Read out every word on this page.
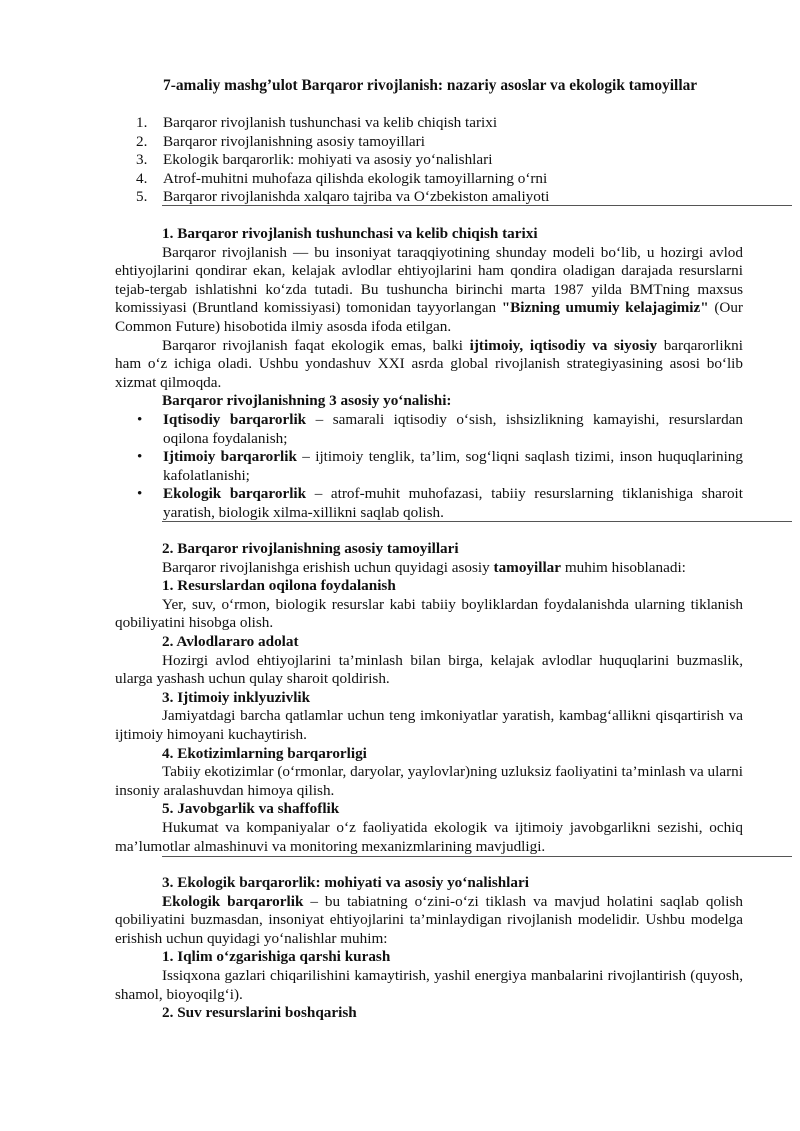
7-amaliy mashg’ulot Barqaror rivojlanish: nazariy asoslar va ekologik tamoyillar
1. Barqaror rivojlanish tushunchasi va kelib chiqish tarixi
2. Barqaror rivojlanishning asosiy tamoyillari
3. Ekologik barqarorlik: mohiyati va asosiy yo‘nalishlari
4. Atrof-muhitni muhofaza qilishda ekologik tamoyillarning o‘rni
5. Barqaror rivojlanishda xalqaro tajriba va O‘zbekiston amaliyoti
1. Barqaror rivojlanish tushunchasi va kelib chiqish tarixi
Barqaror rivojlanish — bu insoniyat taraqqiyotining shunday modeli bo‘lib, u hozirgi avlod ehtiyojlarini qondirar ekan, kelajak avlodlar ehtiyojlarini ham qondira oladigan darajada resurslarni tejab-tergab ishlatishni ko‘zda tutadi. Bu tushuncha birinchi marta 1987 yilda BMTning maxsus komissiyasi (Bruntland komissiyasi) tomonidan tayyorlangan "Bizning umumiy kelajagimiz" (Our Common Future) hisobotida ilmiy asosda ifoda etilgan.
Barqaror rivojlanish faqat ekologik emas, balki ijtimoiy, iqtisodiy va siyosiy barqarorlikni ham o‘z ichiga oladi. Ushbu yondashuv XXI asrda global rivojlanish strategiyasining asosi bo‘lib xizmat qilmoqda.
Barqaror rivojlanishning 3 asosiy yo‘nalishi:
• Iqtisodiy barqarorlik – samarali iqtisodiy o‘sish, ishsizlikning kamayishi, resurslardan oqilona foydalanish;
• Ijtimoiy barqarorlik – ijtimoiy tenglik, ta’lim, sog‘liqni saqlash tizimi, inson huquqlarining kafolatlanishi;
• Ekologik barqarorlik – atrof-muhit muhofazasi, tabiiy resurslarning tiklanishiga sharoit yaratish, biologik xilma-xillikni saqlab qolish.
2. Barqaror rivojlanishning asosiy tamoyillari
Barqaror rivojlanishga erishish uchun quyidagi asosiy tamoyillar muhim hisoblanadi:
1. Resurslardan oqilona foydalanish
Yer, suv, o‘rmon, biologik resurslar kabi tabiiy boyliklardan foydalanishda ularning tiklanish qobiliyatini hisobga olish.
2. Avlodlararo adolat
Hozirgi avlod ehtiyojlarini ta’minlash bilan birga, kelajak avlodlar huquqlarini buzmaslik, ularga yashash uchun qulay sharoit qoldirish.
3. Ijtimoiy inklyuzivlik
Jamiyatdagi barcha qatlamlar uchun teng imkoniyatlar yaratish, kambag‘allikni qisqartirish va ijtimoiy himoyani kuchaytirish.
4. Ekotizimlarning barqarorligi
Tabiiy ekotizimlar (o‘rmonlar, daryolar, yaylovlar)ning uzluksiz faoliyatini ta’minlash va ularni insoniy aralashuvdan himoya qilish.
5. Javobgarlik va shaffoflik
Hukumat va kompaniyalar o‘z faoliyatida ekologik va ijtimoiy javobgarlikni sezishi, ochiq ma’lumotlar almashinuvi va monitoring mexanizmlarining mavjudligi.
3. Ekologik barqarorlik: mohiyati va asosiy yo‘nalishlari
Ekologik barqarorlik – bu tabiatning o‘zini-o‘zi tiklash va mavjud holatini saqlab qolish qobiliyatini buzmasdan, insoniyat ehtiyojlarini ta’minlaydigan rivojlanish modelidir. Ushbu modelga erishish uchun quyidagi yo‘nalishlar muhim:
1. Iqlim o‘zgarishiga qarshi kurash
Issiqxona gazlari chiqarilishini kamaytirish, yashil energiya manbalarini rivojlantirish (quyosh, shamol, bioyoqilg‘i).
2. Suv resurslarini boshqarish
